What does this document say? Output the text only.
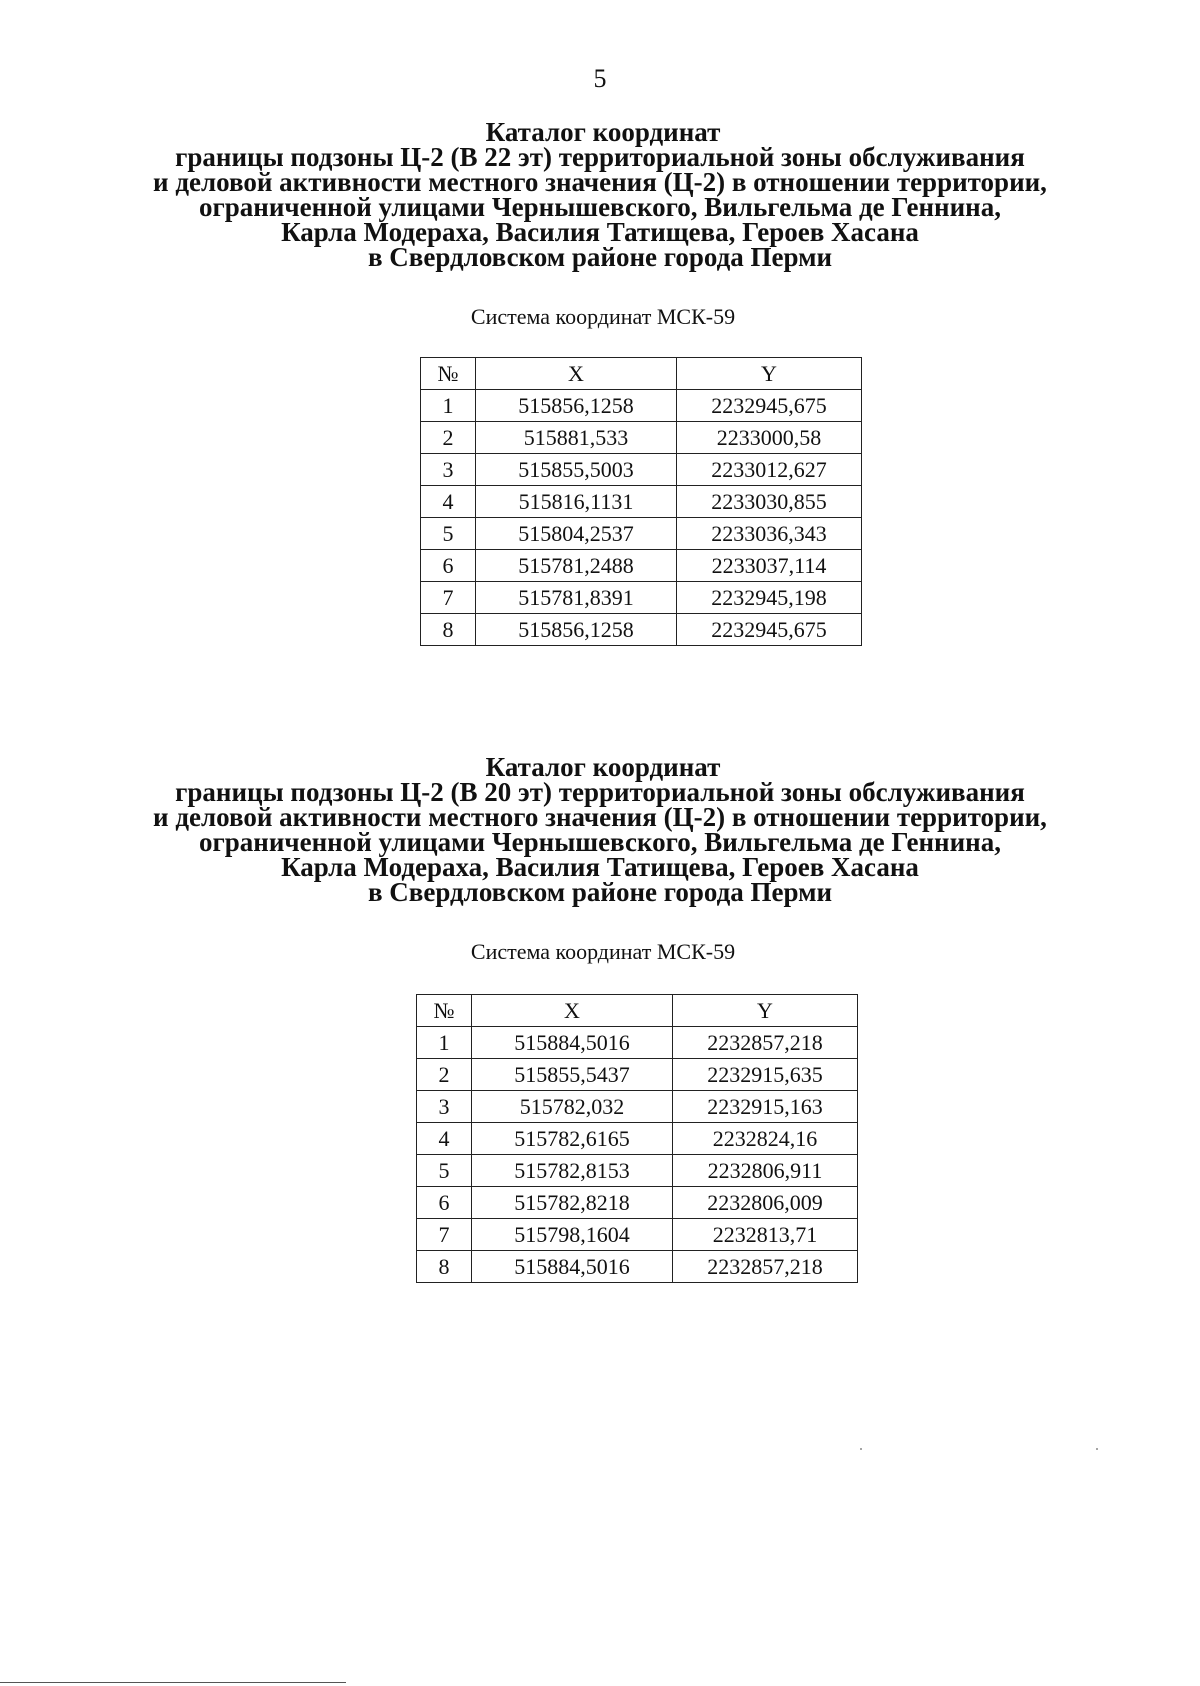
5
Каталог координат
границы подзоны Ц-2 (В 22 эт) территориальной зоны обслуживания
и деловой активности местного значения (Ц-2) в отношении территории,
ограниченной улицами Чернышевского, Вильгельма де Геннина,
Карла Модераха, Василия Татищева, Героев Хасана
в Свердловском районе города Перми
Система координат МСК-59
№	X	Y
1	515856,1258	2232945,675
2	515881,533	2233000,58
3	515855,5003	2233012,627
4	515816,1131	2233030,855
5	515804,2537	2233036,343
6	515781,2488	2233037,114
7	515781,8391	2232945,198
8	515856,1258	2232945,675
Каталог координат
границы подзоны Ц-2 (В 20 эт) территориальной зоны обслуживания
и деловой активности местного значения (Ц-2) в отношении территории,
ограниченной улицами Чернышевского, Вильгельма де Геннина,
Карла Модераха, Василия Татищева, Героев Хасана
в Свердловском районе города Перми
Система координат МСК-59
№	X	Y
1	515884,5016	2232857,218
2	515855,5437	2232915,635
3	515782,032	2232915,163
4	515782,6165	2232824,16
5	515782,8153	2232806,911
6	515782,8218	2232806,009
7	515798,1604	2232813,71
8	515884,5016	2232857,218
